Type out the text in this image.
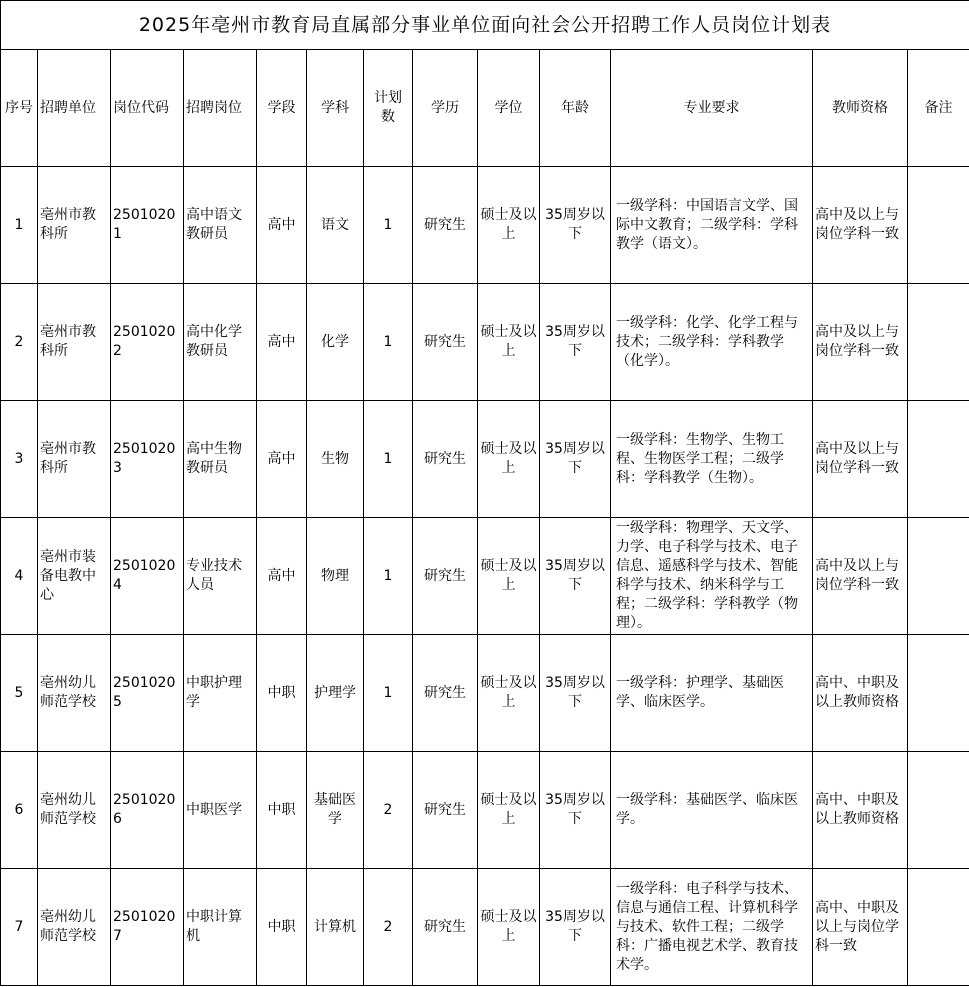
2025年亳州市教育局直属部分事业单位面向社会公开招聘工作人员岗位计划表												
序号	招聘单位	岗位代码	招聘岗位	学段	学科	计划数	学历	学位	年龄	专业要求	教师资格	备注
1	亳州市教科所	25010201	高中语文教研员	高中	语文	1	研究生	硕士及以上	35周岁以下	一级学科：中国语言文学、国际中文教育；二级学科：学科教学（语文）。	高中及以上与岗位学科一致	
2	亳州市教科所	25010202	高中化学教研员	高中	化学	1	研究生	硕士及以上	35周岁以下	一级学科：化学、化学工程与技术；二级学科：学科教学（化学）。	高中及以上与岗位学科一致	
3	亳州市教科所	25010203	高中生物教研员	高中	生物	1	研究生	硕士及以上	35周岁以下	一级学科：生物学、生物工程、生物医学工程；二级学科：学科教学（生物）。	高中及以上与岗位学科一致	
4	亳州市装备电教中心	25010204	专业技术人员	高中	物理	1	研究生	硕士及以上	35周岁以下	一级学科：物理学、天文学、力学、电子科学与技术、电子信息、遥感科学与技术、智能科学与技术、纳米科学与工程；二级学科：学科教学（物理）。	高中及以上与岗位学科一致	
5	亳州幼儿师范学校	25010205	中职护理学	中职	护理学	1	研究生	硕士及以上	35周岁以下	一级学科：护理学、基础医学、临床医学。	高中、中职及以上教师资格	
6	亳州幼儿师范学校	25010206	中职医学	中职	基础医学	2	研究生	硕士及以上	35周岁以下	一级学科：基础医学、临床医学。	高中、中职及以上教师资格	
7	亳州幼儿师范学校	25010207	中职计算机	中职	计算机	2	研究生	硕士及以上	35周岁以下	一级学科：电子科学与技术、信息与通信工程、计算机科学与技术、软件工程；二级学科：广播电视艺术学、教育技术学。	高中、中职及以上与岗位学科一致	
